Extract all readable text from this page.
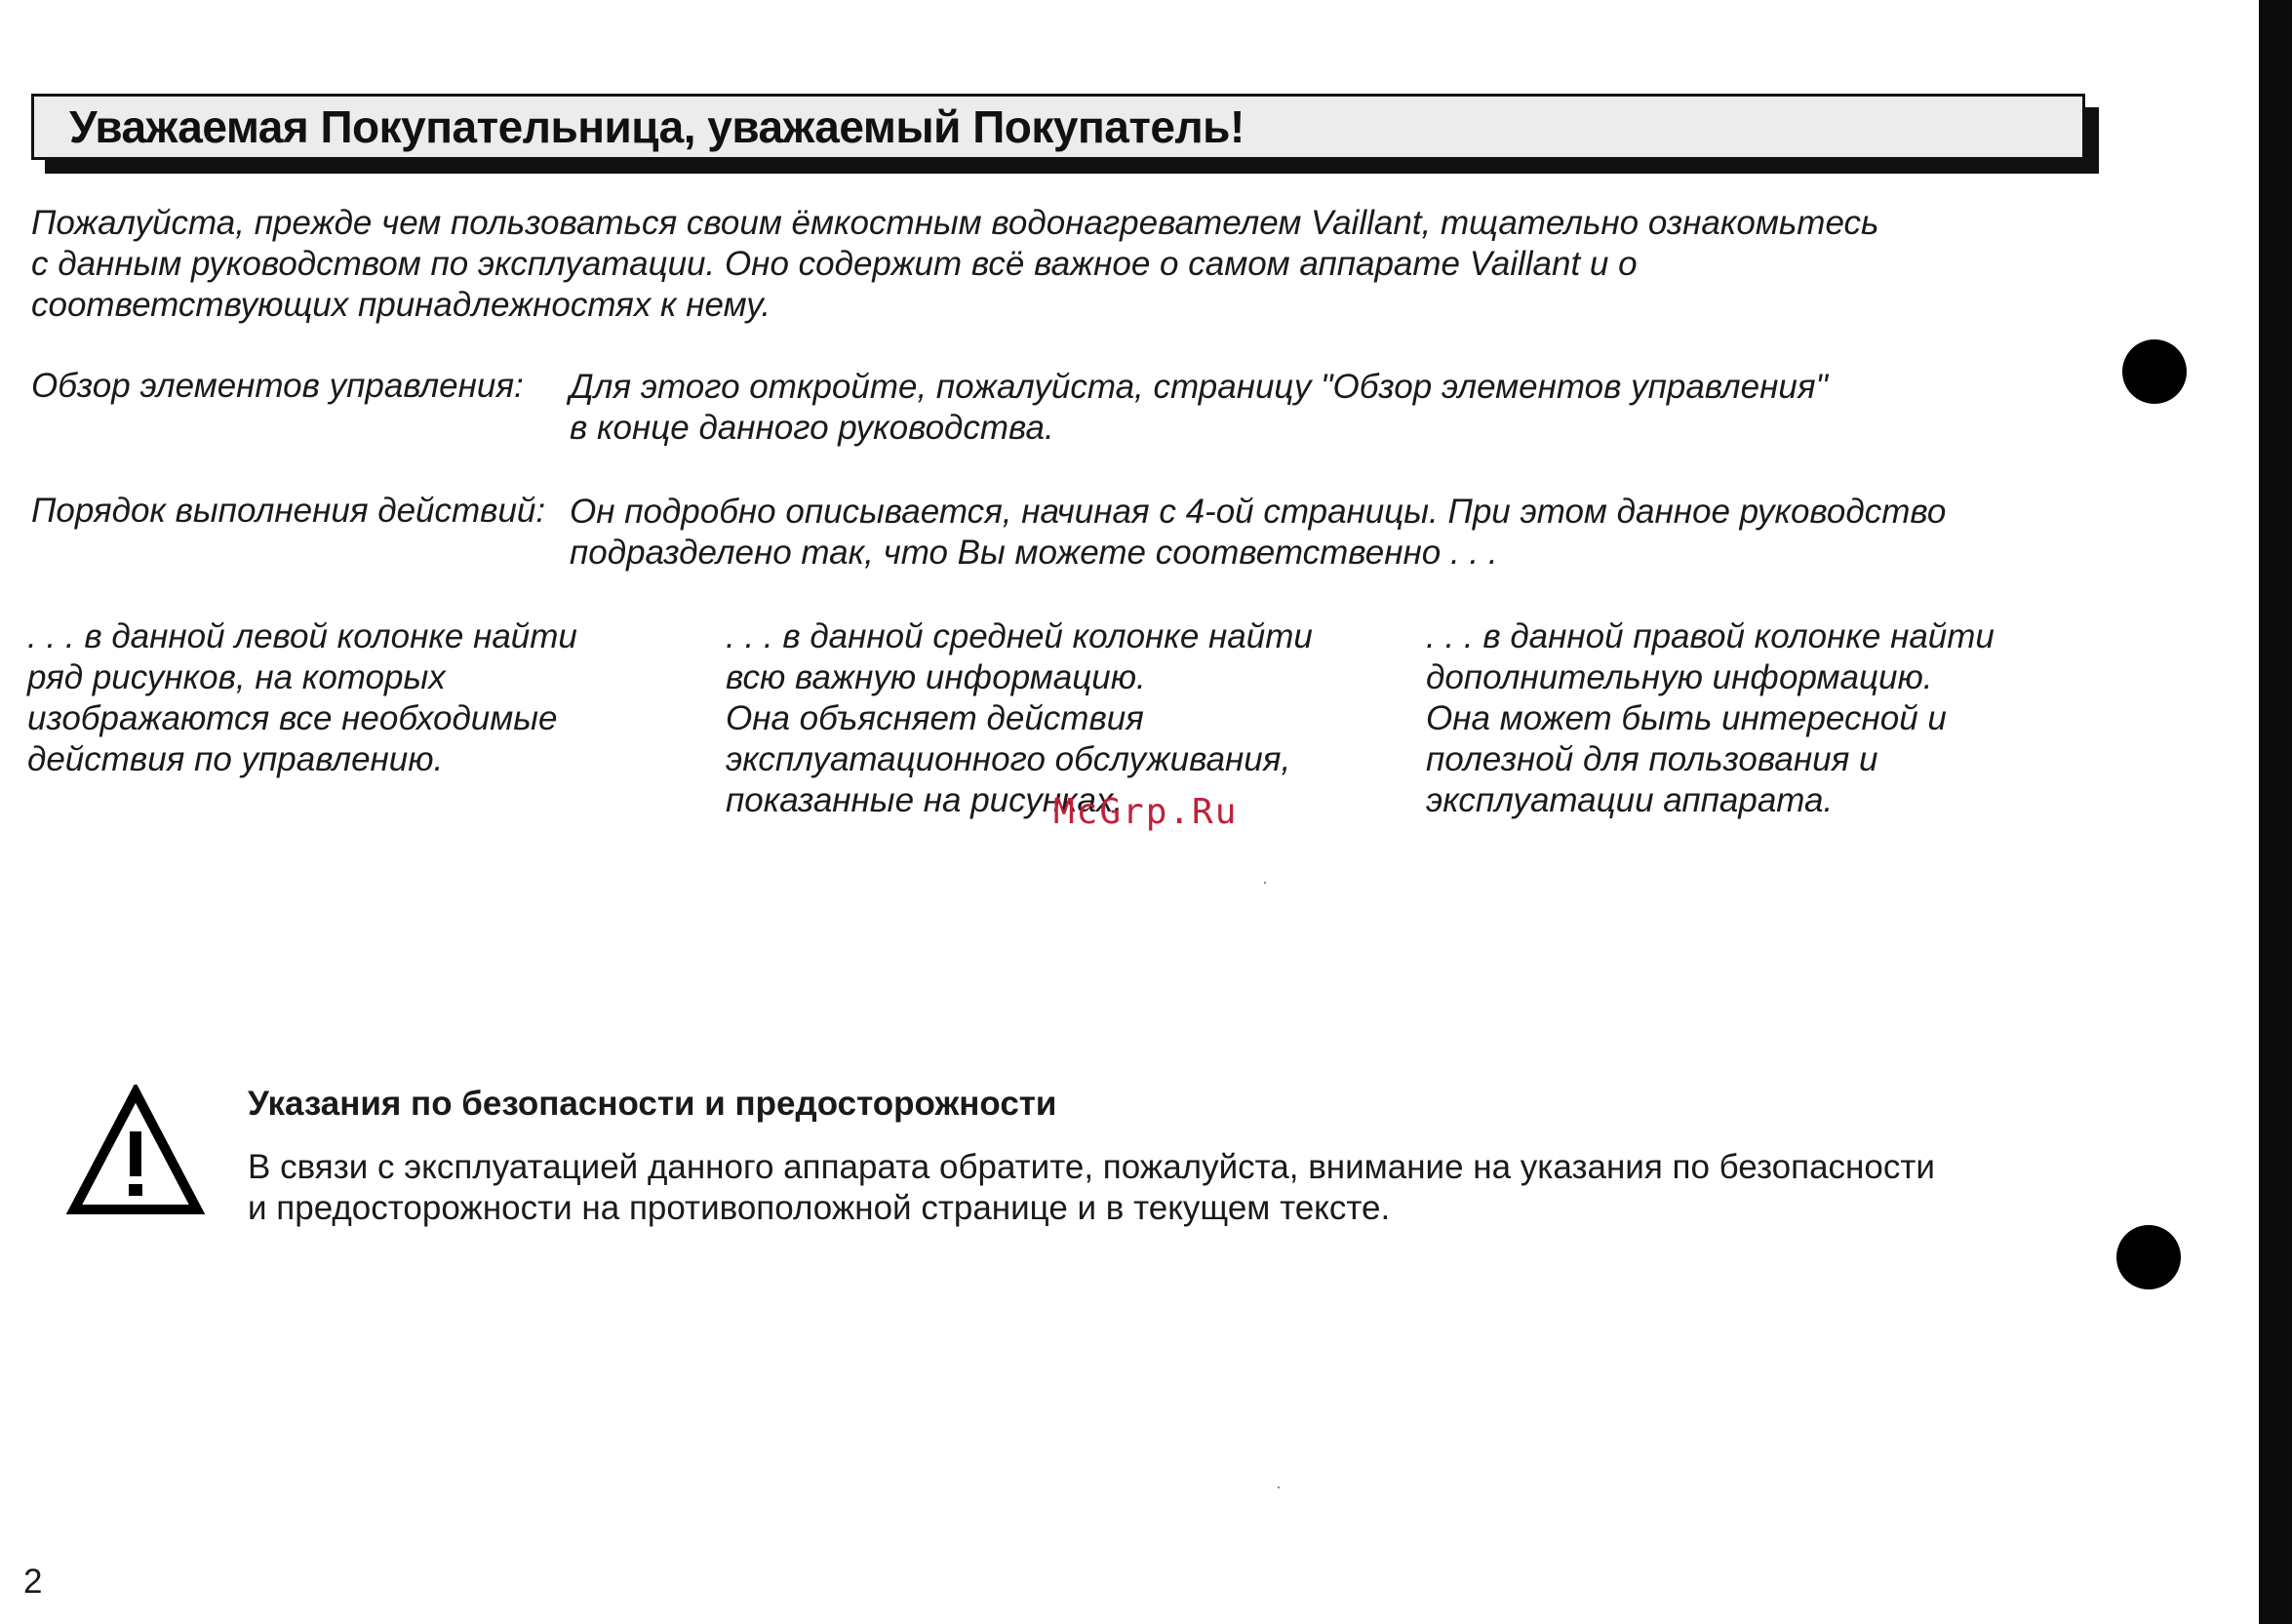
Уважаемая Покупательница, уважаемый Покупатель!
Пожалуйста, прежде чем пользоваться своим ёмкостным водонагревателем Vaillant, тщательно ознакомьтесь
с данным руководством по эксплуатации. Оно содержит всё важное о самом аппарате Vaillant и о
соответствующих принадлежностях к нему.
Обзор элементов управления: Для этого откройте, пожалуйста, страницу "Обзор элементов управления"
в конце данного руководства.
Порядок выполнения действий: Он подробно описывается, начиная с 4-ой страницы. При этом данное руководство
подразделено так, что Вы можете соответственно . . .
. . . в данной левой колонке найти
ряд рисунков, на которых
изображаются все необходимые
действия по управлению.
. . . в данной средней колонке найти
всю важную информацию.
Она объясняет действия
эксплуатационного обслуживания,
показанные на рисунках.
. . . в данной правой колонке найти
дополнительную информацию.
Она может быть интересной и
полезной для пользования и
эксплуатации аппарата.
McGrp.Ru
Указания по безопасности и предосторожности
В связи с эксплуатацией данного аппарата обратите, пожалуйста, внимание на указания по безопасности
и предосторожности на противоположной странице и в текущем тексте.
2
